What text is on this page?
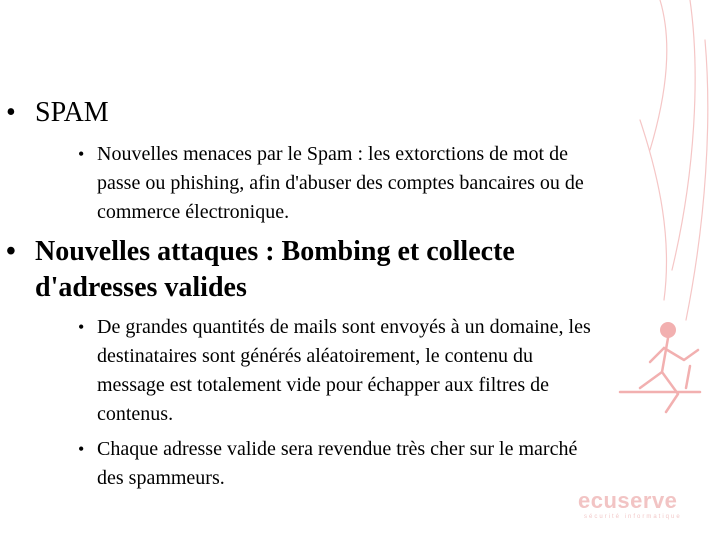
• SPAM
• Nouvelles menaces par le Spam : les extorctions de mot de
passe ou phishing, afin d'abuser des comptes bancaires ou de
commerce électronique.
• Nouvelles attaques : Bombing et collecte
d'adresses valides
• De grandes quantités de mails sont envoyés à un domaine, les
destinataires sont générés aléatoirement, le contenu du
message est totalement vide pour échapper aux filtres de
contenus.
• Chaque adresse valide sera revendue très cher sur le marché
des spammeurs.
ecuserve
sécurité informatique
